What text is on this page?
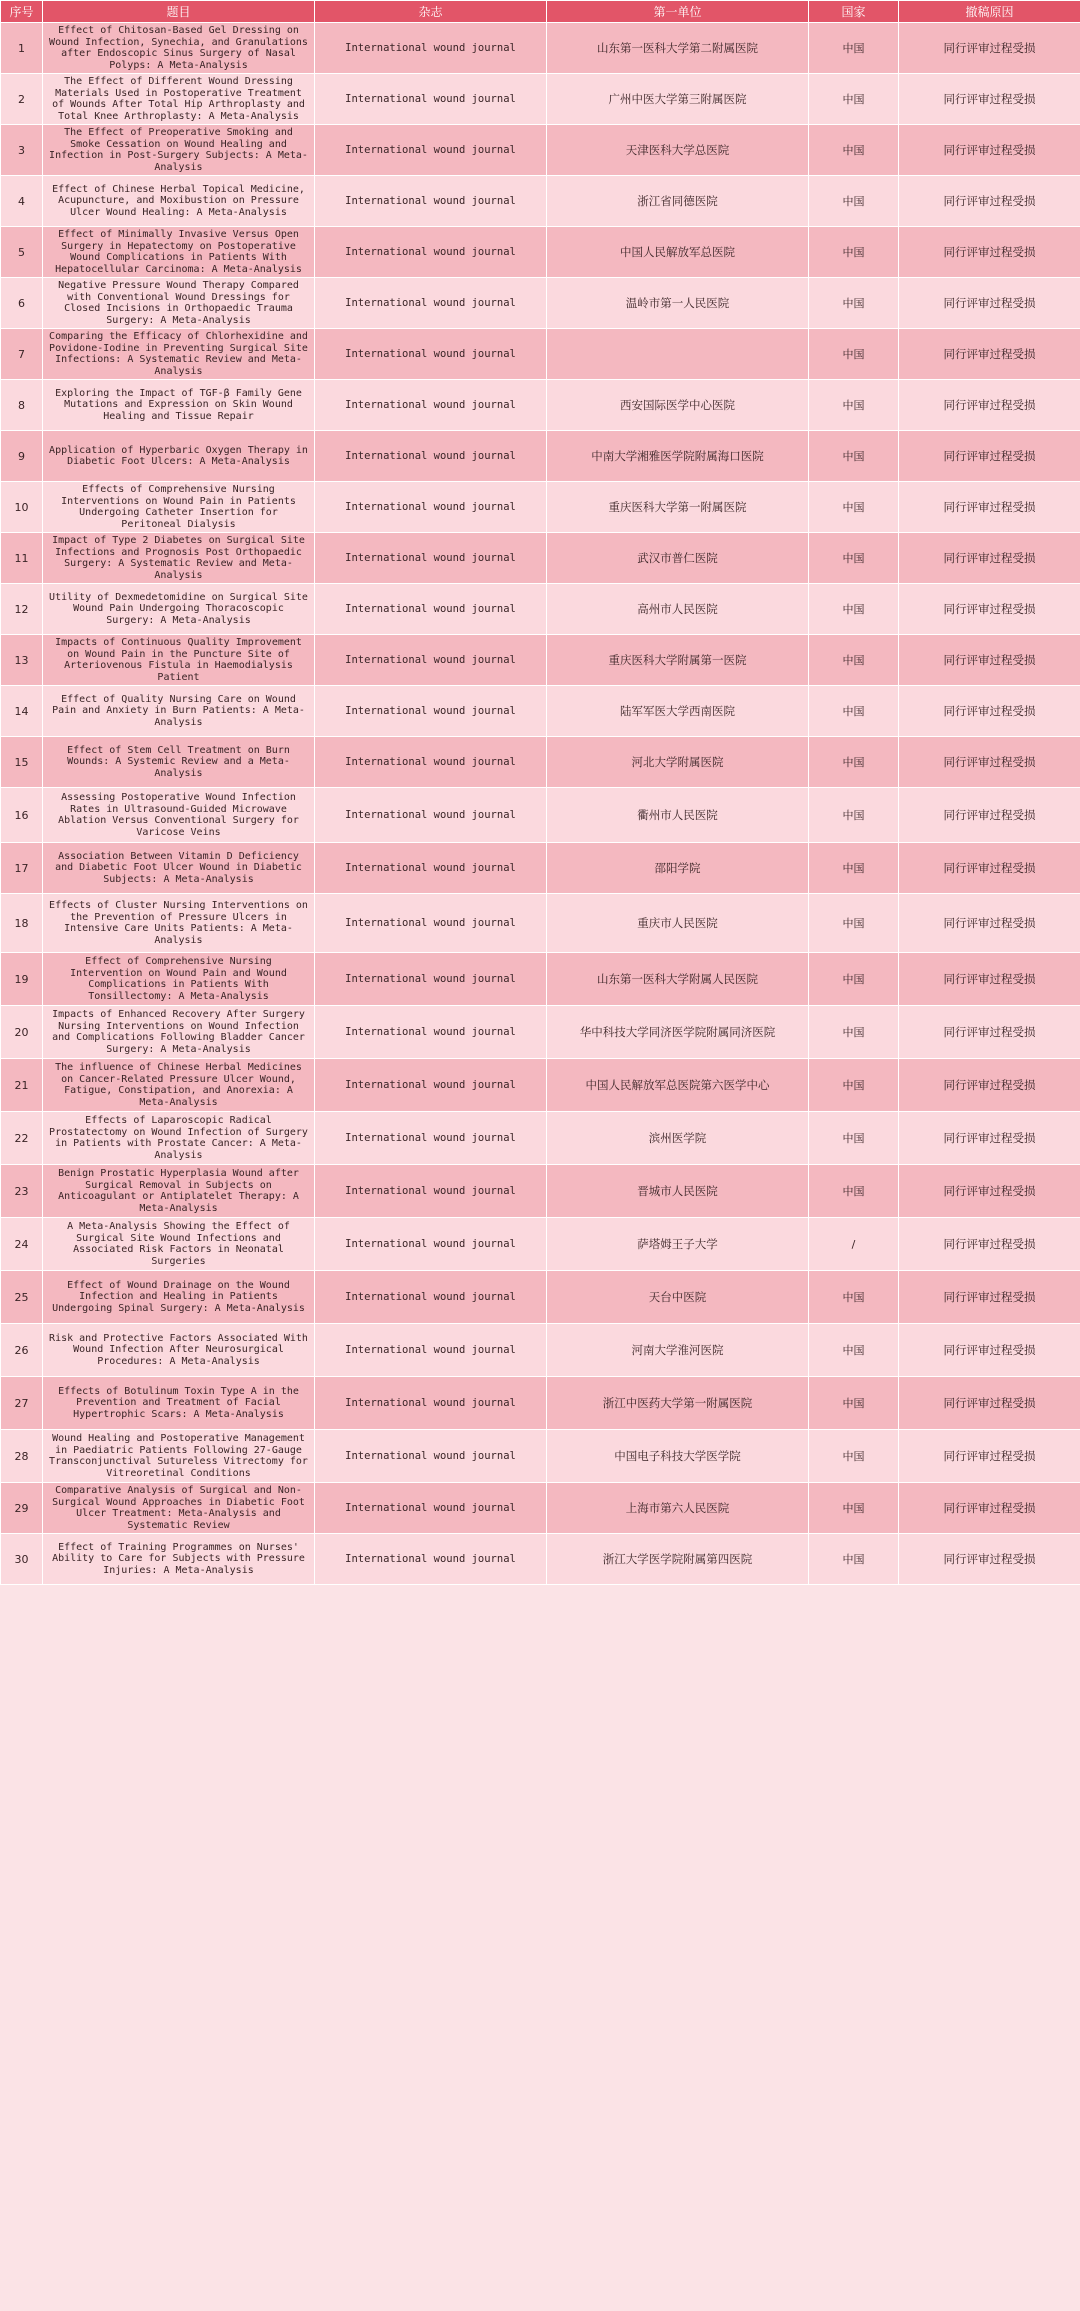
序号	题目	杂志	第一单位	国家	撤稿原因
1	Effect of Chitosan-Based Gel Dressing on Wound Infection, Synechia, and Granulations after Endoscopic Sinus Surgery of Nasal Polyps: A Meta-Analysis	International wound journal	山东第一医科大学第二附属医院	中国	同行评审过程受损
2	The Effect of Different Wound Dressing Materials Used in Postoperative Treatment of Wounds After Total Hip Arthroplasty and Total Knee Arthroplasty: A Meta-Analysis	International wound journal	广州中医大学第三附属医院	中国	同行评审过程受损
3	The Effect of Preoperative Smoking and Smoke Cessation on Wound Healing and Infection in Post-Surgery Subjects: A Meta-Analysis	International wound journal	天津医科大学总医院	中国	同行评审过程受损
4	Effect of Chinese Herbal Topical Medicine, Acupuncture, and Moxibustion on Pressure Ulcer Wound Healing: A Meta-Analysis	International wound journal	浙江省同德医院	中国	同行评审过程受损
5	Effect of Minimally Invasive Versus Open Surgery in Hepatectomy on Postoperative Wound Complications in Patients With Hepatocellular Carcinoma: A Meta-Analysis	International wound journal	中国人民解放军总医院	中国	同行评审过程受损
6	Negative Pressure Wound Therapy Compared with Conventional Wound Dressings for Closed Incisions in Orthopaedic Trauma Surgery: A Meta-Analysis	International wound journal	温岭市第一人民医院	中国	同行评审过程受损
7	Comparing the Efficacy of Chlorhexidine and Povidone-Iodine in Preventing Surgical Site Infections: A Systematic Review and Meta-Analysis	International wound journal		中国	同行评审过程受损
8	Exploring the Impact of TGF-β Family Gene Mutations and Expression on Skin Wound Healing and Tissue Repair	International wound journal	西安国际医学中心医院	中国	同行评审过程受损
9	Application of Hyperbaric Oxygen Therapy in Diabetic Foot Ulcers: A Meta-Analysis	International wound journal	中南大学湘雅医学院附属海口医院	中国	同行评审过程受损
10	Effects of Comprehensive Nursing Interventions on Wound Pain in Patients Undergoing Catheter Insertion for Peritoneal Dialysis	International wound journal	重庆医科大学第一附属医院	中国	同行评审过程受损
11	Impact of Type 2 Diabetes on Surgical Site Infections and Prognosis Post Orthopaedic Surgery: A Systematic Review and Meta-Analysis	International wound journal	武汉市普仁医院	中国	同行评审过程受损
12	Utility of Dexmedetomidine on Surgical Site Wound Pain Undergoing Thoracoscopic Surgery: A Meta-Analysis	International wound journal	高州市人民医院	中国	同行评审过程受损
13	Impacts of Continuous Quality Improvement on Wound Pain in the Puncture Site of Arteriovenous Fistula in Haemodialysis Patient	International wound journal	重庆医科大学附属第一医院	中国	同行评审过程受损
14	Effect of Quality Nursing Care on Wound Pain and Anxiety in Burn Patients: A Meta-Analysis	International wound journal	陆军军医大学西南医院	中国	同行评审过程受损
15	Effect of Stem Cell Treatment on Burn Wounds: A Systemic Review and a Meta-Analysis	International wound journal	河北大学附属医院	中国	同行评审过程受损
16	Assessing Postoperative Wound Infection Rates in Ultrasound-Guided Microwave Ablation Versus Conventional Surgery for Varicose Veins	International wound journal	衢州市人民医院	中国	同行评审过程受损
17	Association Between Vitamin D Deficiency and Diabetic Foot Ulcer Wound in Diabetic Subjects: A Meta-Analysis	International wound journal	邵阳学院	中国	同行评审过程受损
18	Effects of Cluster Nursing Interventions on the Prevention of Pressure Ulcers in Intensive Care Units Patients: A Meta-Analysis	International wound journal	重庆市人民医院	中国	同行评审过程受损
19	Effect of Comprehensive Nursing Intervention on Wound Pain and Wound Complications in Patients With Tonsillectomy: A Meta-Analysis	International wound journal	山东第一医科大学附属人民医院	中国	同行评审过程受损
20	Impacts of Enhanced Recovery After Surgery Nursing Interventions on Wound Infection and Complications Following Bladder Cancer Surgery: A Meta-Analysis	International wound journal	华中科技大学同济医学院附属同济医院	中国	同行评审过程受损
21	The influence of Chinese Herbal Medicines on Cancer-Related Pressure Ulcer Wound, Fatigue, Constipation, and Anorexia: A Meta-Analysis	International wound journal	中国人民解放军总医院第六医学中心	中国	同行评审过程受损
22	Effects of Laparoscopic Radical Prostatectomy on Wound Infection of Surgery in Patients with Prostate Cancer: A Meta-Analysis	International wound journal	滨州医学院	中国	同行评审过程受损
23	Benign Prostatic Hyperplasia Wound after Surgical Removal in Subjects on Anticoagulant or Antiplatelet Therapy: A Meta-Analysis	International wound journal	晋城市人民医院	中国	同行评审过程受损
24	A Meta-Analysis Showing the Effect of Surgical Site Wound Infections and Associated Risk Factors in Neonatal Surgeries	International wound journal	萨塔姆王子大学	/	同行评审过程受损
25	Effect of Wound Drainage on the Wound Infection and Healing in Patients Undergoing Spinal Surgery: A Meta-Analysis	International wound journal	天台中医院	中国	同行评审过程受损
26	Risk and Protective Factors Associated With Wound Infection After Neurosurgical Procedures: A Meta-Analysis	International wound journal	河南大学淮河医院	中国	同行评审过程受损
27	Effects of Botulinum Toxin Type A in the Prevention and Treatment of Facial Hypertrophic Scars: A Meta-Analysis	International wound journal	浙江中医药大学第一附属医院	中国	同行评审过程受损
28	Wound Healing and Postoperative Management in Paediatric Patients Following 27-Gauge Transconjunctival Sutureless Vitrectomy for Vitreoretinal Conditions	International wound journal	中国电子科技大学医学院	中国	同行评审过程受损
29	Comparative Analysis of Surgical and Non-Surgical Wound Approaches in Diabetic Foot Ulcer Treatment: Meta-Analysis and Systematic Review	International wound journal	上海市第六人民医院	中国	同行评审过程受损
30	Effect of Training Programmes on Nurses' Ability to Care for Subjects with Pressure Injuries: A Meta-Analysis	International wound journal	浙江大学医学院附属第四医院	中国	同行评审过程受损
